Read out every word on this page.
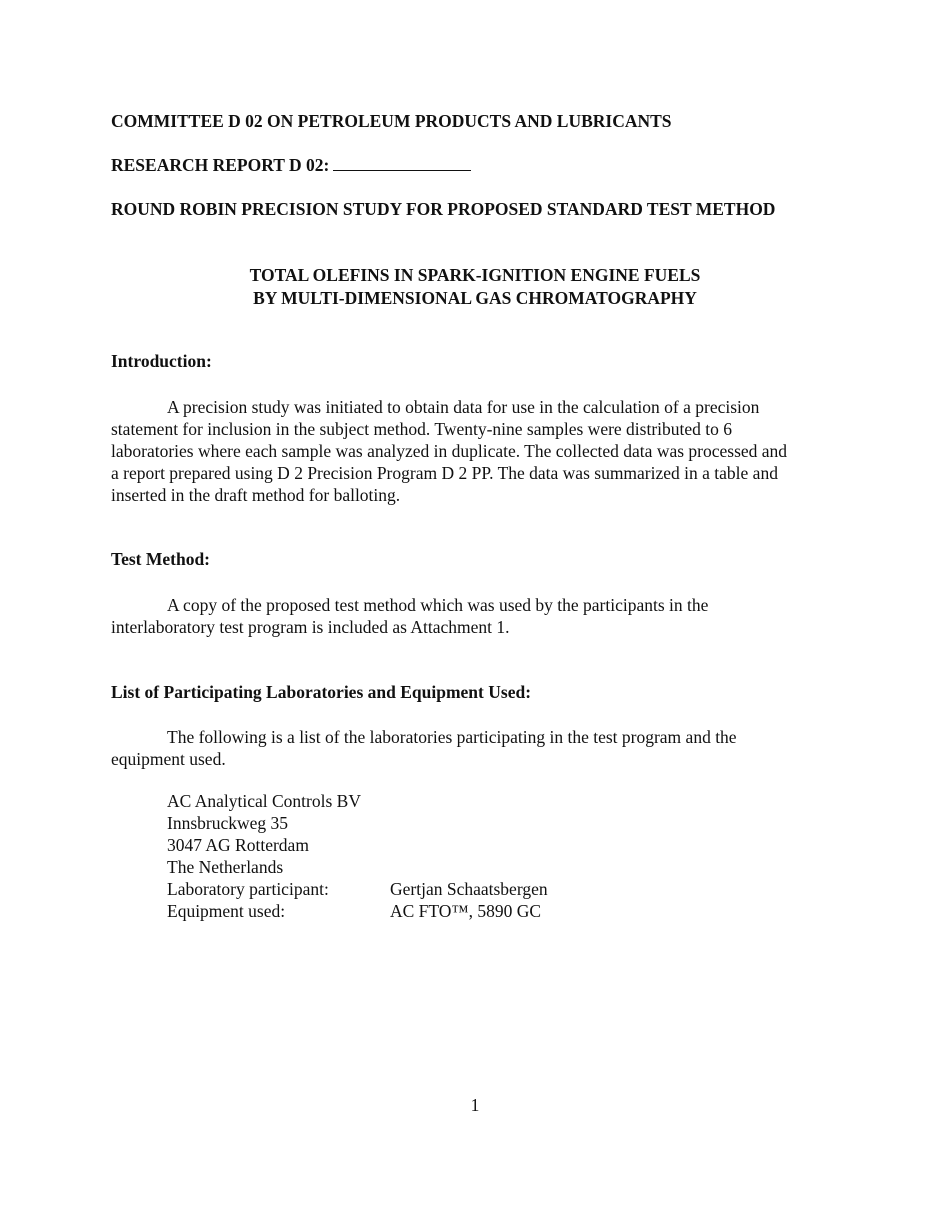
COMMITTEE D 02 ON PETROLEUM PRODUCTS AND LUBRICANTS
RESEARCH REPORT D 02:
ROUND ROBIN PRECISION STUDY FOR PROPOSED STANDARD TEST METHOD
TOTAL OLEFINS IN SPARK-IGNITION ENGINE FUELS
BY MULTI-DIMENSIONAL GAS CHROMATOGRAPHY
Introduction:
A precision study was initiated to obtain data for use in the calculation of a precision
statement for inclusion in the subject method. Twenty-nine samples were distributed to 6
laboratories where each sample was analyzed in duplicate. The collected data was processed and
a report prepared using D 2 Precision Program D 2 PP. The data was summarized in a table and
inserted in the draft method for balloting.
Test Method:
A copy of the proposed test method which was used by the participants in the
interlaboratory test program is included as Attachment 1.
List of Participating Laboratories and Equipment Used:
The following is a list of the laboratories participating in the test program and the
equipment used.
AC Analytical Controls BV
Innsbruckweg 35
3047 AG Rotterdam
The Netherlands
Laboratory participant:	Gertjan Schaatsbergen
Equipment used:	AC FTO™, 5890 GC
1
